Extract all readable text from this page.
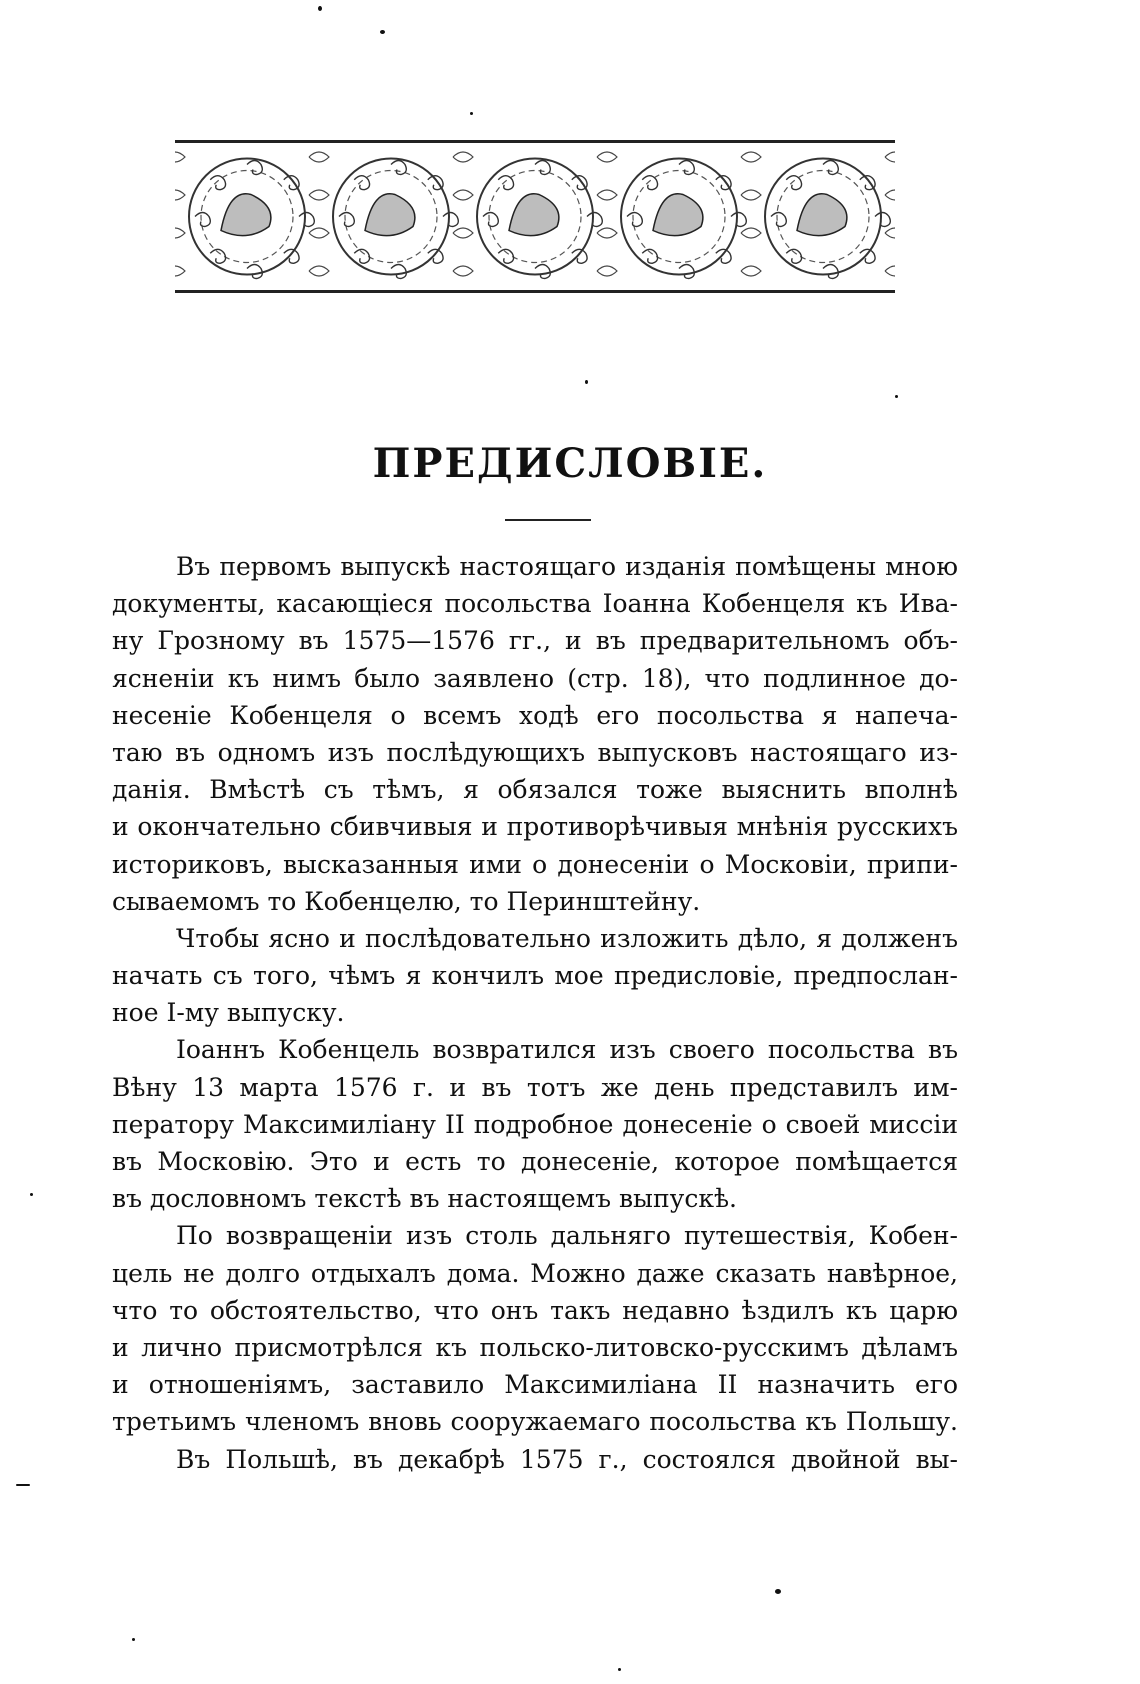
ПРЕДИСЛОВІЕ.
Въ первомъ выпускѣ настоящаго изданія помѣщены мною
документы, касающіеся посольства Іоанна Кобенцеля къ Ива-
ну Грозному въ 1575—1576 гг., и въ предварительномъ объ-
ясненіи къ нимъ было заявлено (стр. 18), что подлинное до-
несеніе Кобенцеля о всемъ ходѣ его посольства я напеча-
таю въ одномъ изъ послѣдующихъ выпусковъ настоящаго из-
данія. Вмѣстѣ съ тѣмъ, я обязался тоже выяснить вполнѣ
и окончательно сбивчивыя и противорѣчивыя мнѣнія русскихъ
историковъ, высказанныя ими о донесеніи о Московіи, припи-
сываемомъ то Кобенцелю, то Перинштейну.
Чтобы ясно и послѣдовательно изложить дѣло, я долженъ
начать съ того, чѣмъ я кончилъ мое предисловіе, предпослан-
ное I-му выпуску.
Іоаннъ Кобенцель возвратился изъ своего посольства въ
Вѣну 13 марта 1576 г. и въ тотъ же день представилъ им-
ператору Максимиліану II подробное донесеніе о своей миссіи
въ Московію. Это и есть то донесеніе, которое помѣщается
въ дословномъ текстѣ въ настоящемъ выпускѣ.
По возвращеніи изъ столь дальняго путешествія, Кобен-
цель не долго отдыхалъ дома. Можно даже сказать навѣрное,
что то обстоятельство, что онъ такъ недавно ѣздилъ къ царю
и лично присмотрѣлся къ польско-литовско-русскимъ дѣламъ
и отношеніямъ, заставило Максимиліана II назначить его
третьимъ членомъ вновь сооружаемаго посольства къ Польшу.
Въ Польшѣ, въ декабрѣ 1575 г., состоялся двойной вы-
